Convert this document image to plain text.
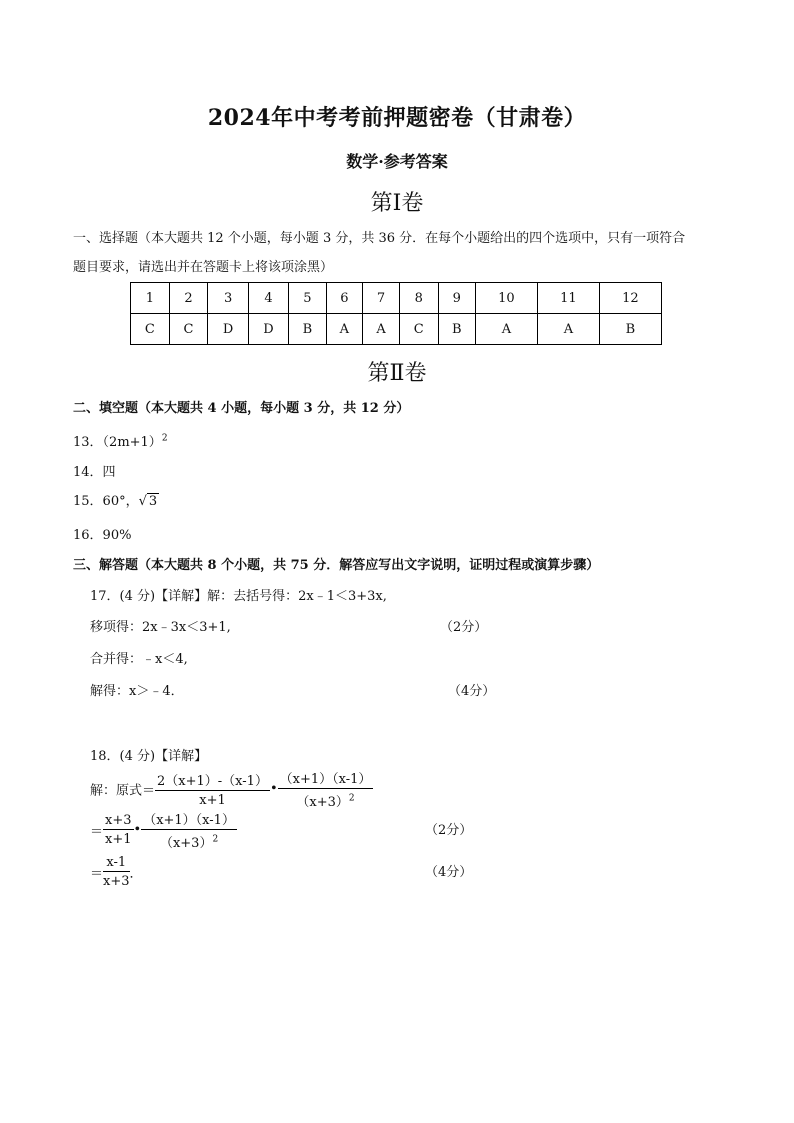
2024年中考考前押题密卷（甘肃卷）
数学·参考答案
第Ⅰ卷
一、选择题（本大题共 12 个小题，每小题 3 分，共 36 分．在每个小题给出的四个选项中，只有一项符合
题目要求，请选出并在答题卡上将该项涂黑）
1	2	3	4	5	6	7	8	9	10	11	12
C	C	D	D	B	A	A	C	B	A	A	B
第Ⅱ卷
二、填空题（本大题共 4 小题，每小题 3 分，共 12 分）
13．$(2m+1)^2$
14．四
15．60°，√ 3
16．90%
三、解答题（本大题共 8 个小题，共 75 分．解答应写出文字说明，证明过程或演算步骤）
17．(4 分)【详解】解：去括号得：2x﹣1＜3+3x,
移项得：2x﹣3x＜3+1,	（2分）
合并得：﹣x＜4,
解得：x＞﹣4．	（4分）
18．(4 分)【详解】
解：原式＝ $\frac{2(x+1)-(x-1)}{x+1}$ • $\frac{(x+1)(x-1)}{(x+3)^2}$
＝ $\frac{x+3}{x+1}$ • $\frac{(x+1)(x-1)}{(x+3)^2}$	（2分）
＝ $\frac{x-1}{x+3}$ ．	（4分）
